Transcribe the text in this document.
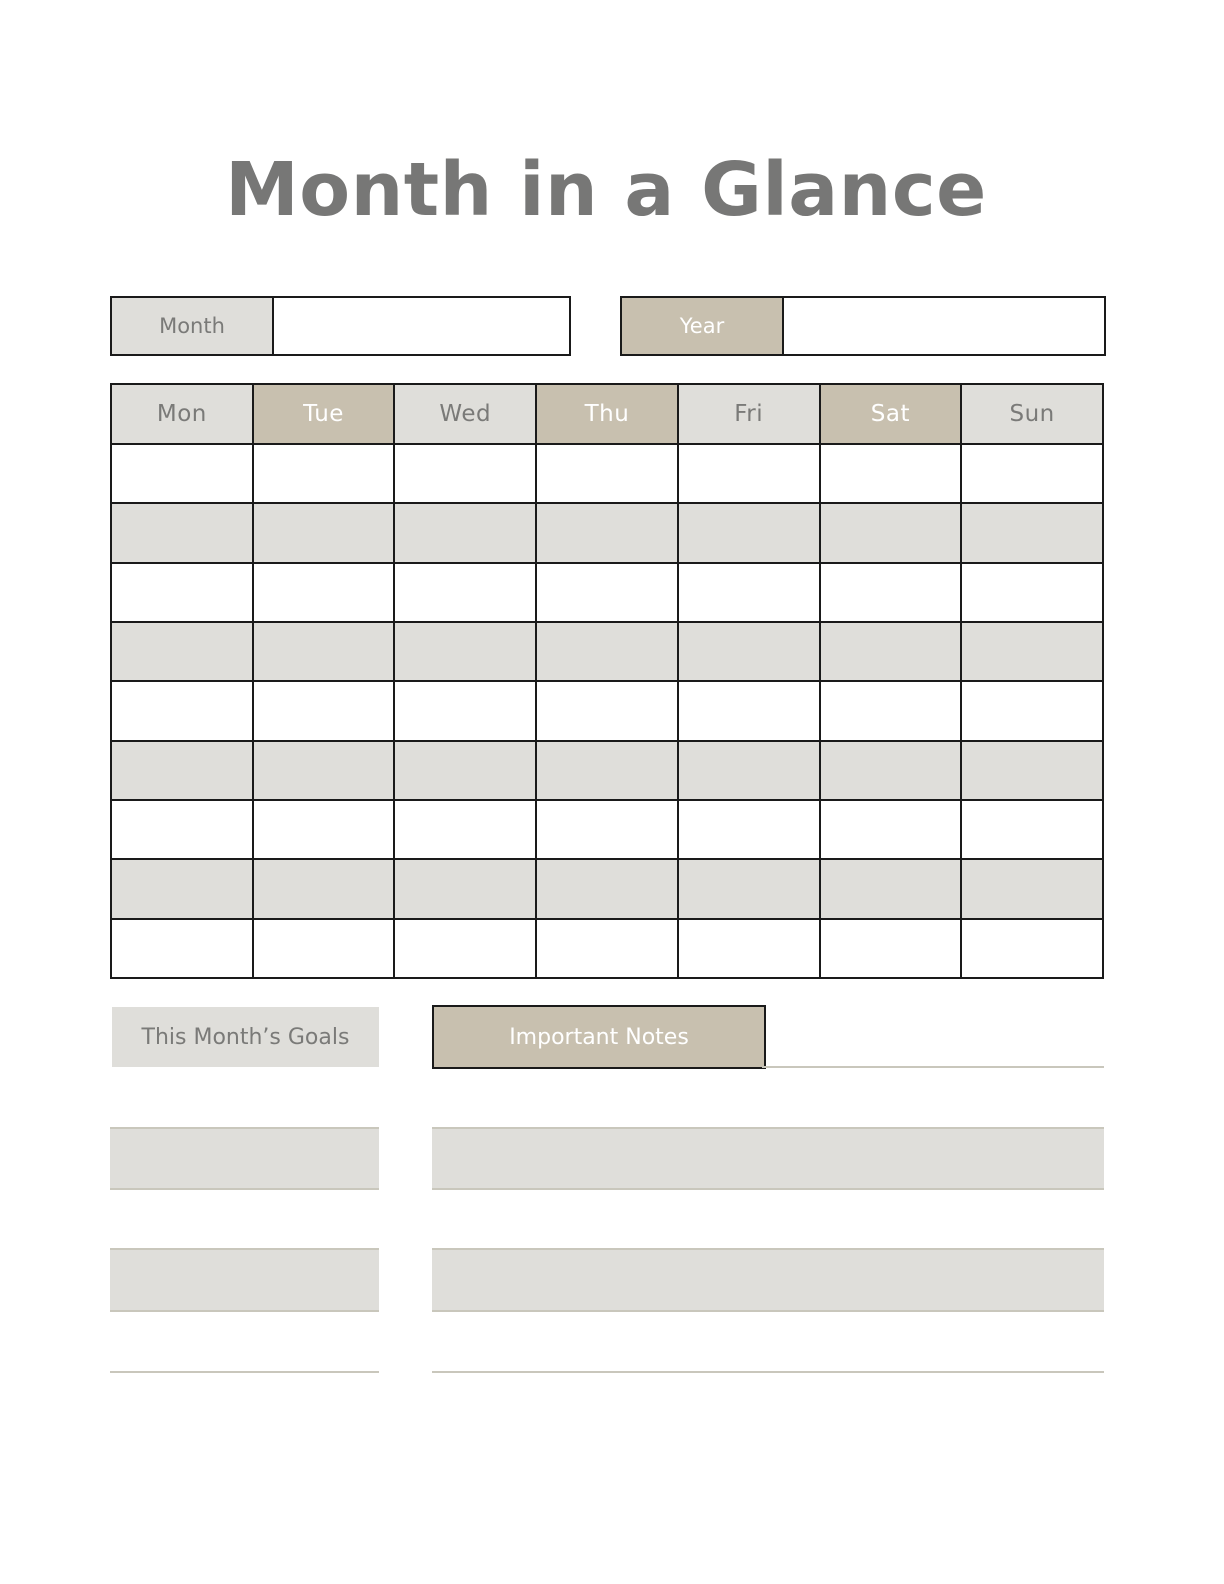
Month in a Glance
Month	Year
Mon	Tue	Wed	Thu	Fri	Sat	Sun

This Month’s Goals	Important Notes
